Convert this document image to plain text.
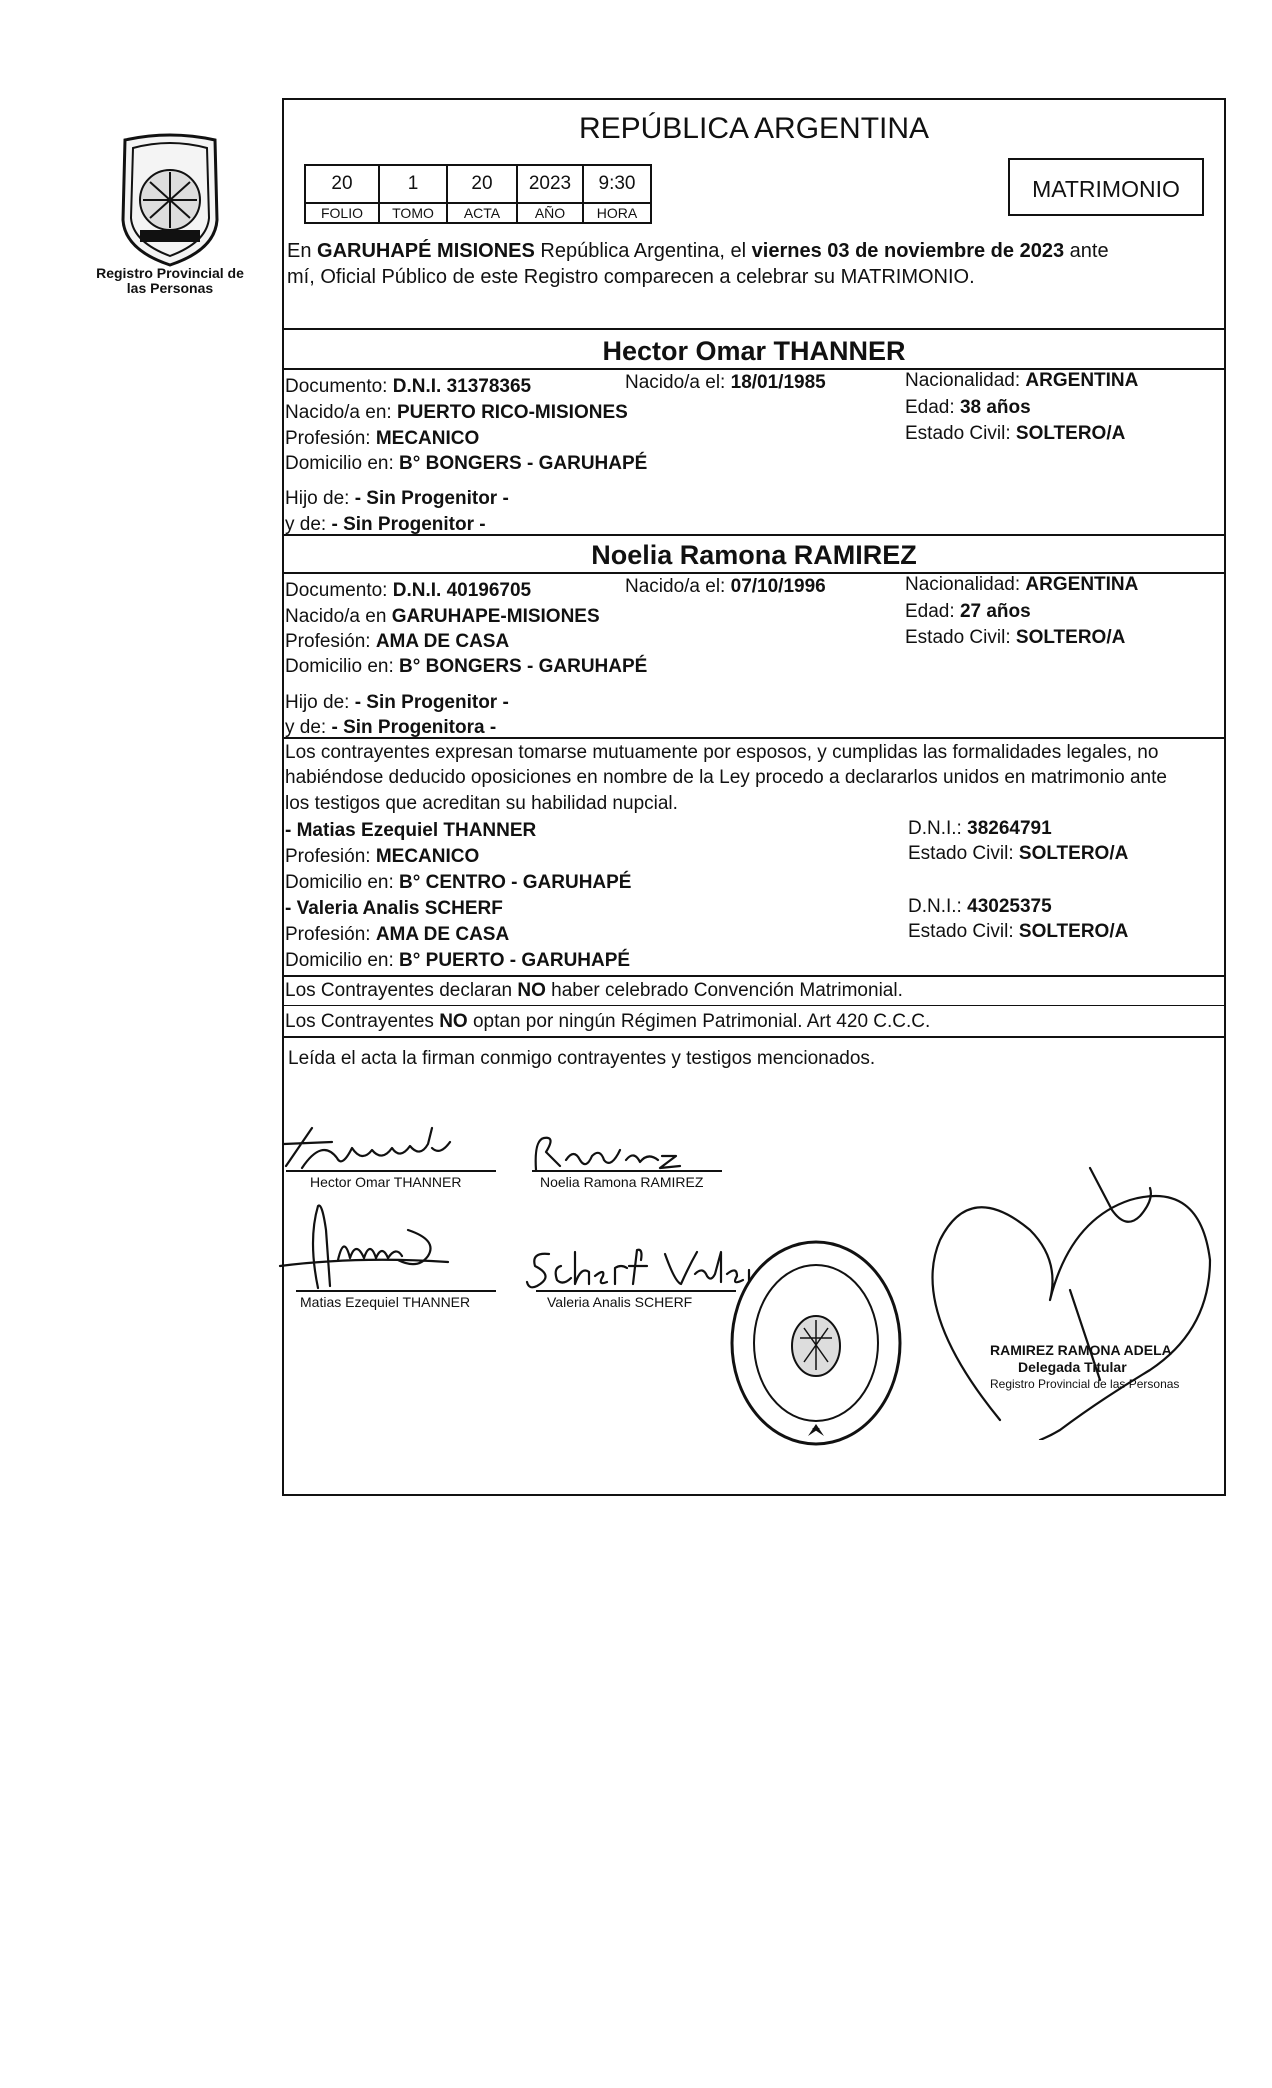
Registro Provincial de las Personas
REPÚBLICA ARGENTINA
20	1	20	2023	9:30
FOLIO	TOMO	ACTA	AÑO	HORA
MATRIMONIO
En GARUHAPÉ MISIONES República Argentina, el viernes 03 de noviembre de 2023 ante
mí, Oficial Público de este Registro comparecen a celebrar su MATRIMONIO.
Hector Omar THANNER
Documento: D.N.I. 31378365	Nacido/a el: 18/01/1985	Nacionalidad: ARGENTINA
Nacido/a en: PUERTO RICO-MISIONES	Edad: 38 años
Profesión: MECANICO	Estado Civil: SOLTERO/A
Domicilio en: B° BONGERS - GARUHAPÉ
Hijo de: - Sin Progenitor -
y de: - Sin Progenitor -
Noelia Ramona RAMIREZ
Documento: D.N.I. 40196705	Nacido/a el: 07/10/1996	Nacionalidad: ARGENTINA
Nacido/a en GARUHAPE-MISIONES	Edad: 27 años
Profesión: AMA DE CASA	Estado Civil: SOLTERO/A
Domicilio en: B° BONGERS - GARUHAPÉ
Hijo de: - Sin Progenitor -
y de: - Sin Progenitora -
Los contrayentes expresan tomarse mutuamente por esposos, y cumplidas las formalidades legales, no
habiéndose deducido oposiciones en nombre de la Ley procedo a declararlos unidos en matrimonio ante
los testigos que acreditan su habilidad nupcial.
- Matias Ezequiel THANNER	D.N.I.: 38264791
Profesión: MECANICO	Estado Civil: SOLTERO/A
Domicilio en: B° CENTRO - GARUHAPÉ
- Valeria Analis SCHERF	D.N.I.: 43025375
Profesión: AMA DE CASA	Estado Civil: SOLTERO/A
Domicilio en: B° PUERTO - GARUHAPÉ
Los Contrayentes declaran NO haber celebrado Convención Matrimonial.
Los Contrayentes NO optan por ningún Régimen Patrimonial. Art 420 C.C.C.
Leída el acta la firman conmigo contrayentes y testigos mencionados.
Hector Omar THANNER	Noelia Ramona RAMIREZ
Matias Ezequiel THANNER	Valeria Analis SCHERF
RAMIREZ RAMONA ADELA
Delegada Titular
Registro Provincial de las Personas
